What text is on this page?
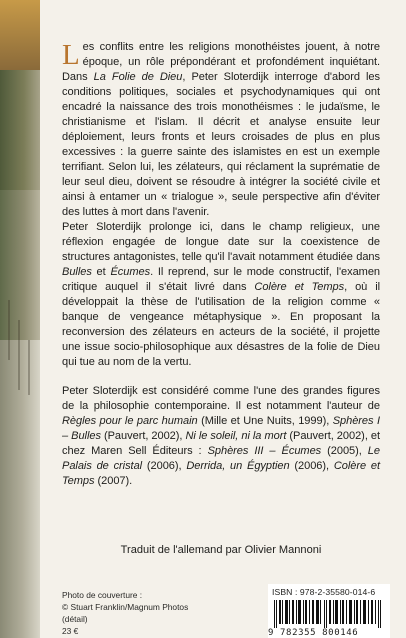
Les conflits entre les religions monothéistes jouent, à notre époque, un rôle prépondérant et profondément inquiétant. Dans La Folie de Dieu, Peter Sloterdijk interroge d'abord les conditions politiques, sociales et psychodynamiques qui ont encadré la naissance des trois monothéismes : le judaïsme, le christianisme et l'islam. Il décrit et analyse ensuite leur déploiement, leurs fronts et leurs croisades de plus en plus excessives : la guerre sainte des islamistes en est un exemple terrifiant. Selon lui, les zélateurs, qui réclament la suprématie de leur seul dieu, doivent se résoudre à intégrer la société civile et ainsi à entamer un « trialogue », seule perspective afin d'éviter des luttes à mort dans l'avenir.

Peter Sloterdijk prolonge ici, dans le champ religieux, une réflexion engagée de longue date sur la coexistence de structures antagonistes, telle qu'il l'avait notamment étudiée dans Bulles et Écumes. Il reprend, sur le mode constructif, l'examen critique auquel il s'était livré dans Colère et Temps, où il développait la thèse de l'utilisation de la religion comme « banque de vengeance métaphysique ». En proposant la reconversion des zélateurs en acteurs de la société, il projette une issue socio-philosophique aux désastres de la folie de Dieu qui tue au nom de la vertu.

Peter Sloterdijk est considéré comme l'une des grandes figures de la philosophie contemporaine. Il est notamment l'auteur de Règles pour le parc humain (Mille et Une Nuits, 1999), Sphères I – Bulles (Pauvert, 2002), Ni le soleil, ni la mort (Pauvert, 2002), et chez Maren Sell Éditeurs : Sphères III – Écumes (2005), Le Palais de cristal (2006), Derrida, un Égyptien (2006), Colère et Temps (2007).

Traduit de l'allemand par Olivier Mannoni
Photo de couverture :
© Stuart Franklin/Magnum Photos (détail)
23 €
ISBN : 978-2-35580-014-6
9 782355 800146
